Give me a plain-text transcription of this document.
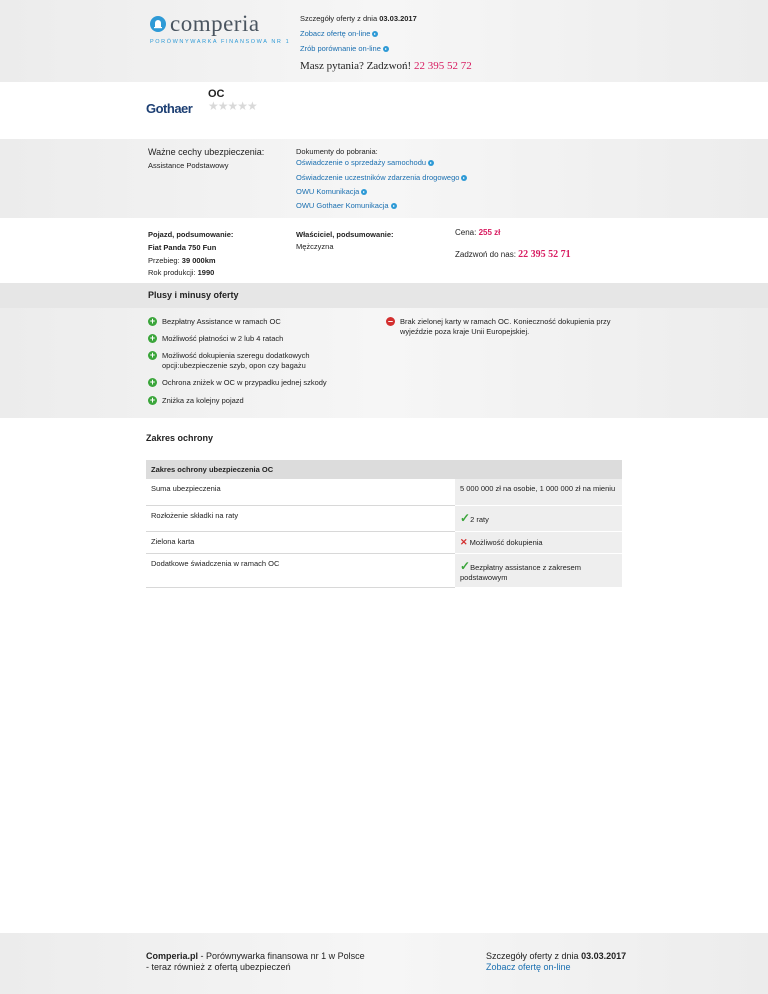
comperia
PORÓWNYWARKA FINANSOWA NR 1
Szczegóły oferty z dnia 03.03.2017
Zobacz ofertę on-line
Zrób porównanie on-line
Masz pytania? Zadzwoń! 22 395 52 72
Gothaer
OC
★★★★★
Ważne cechy ubezpieczenia:
Assistance Podstawowy
Dokumenty do pobrania:
Oświadczenie o sprzedaży samochodu
Oświadczenie uczestników zdarzenia drogowego
OWU Komunikacja
OWU Gothaer Komunikacja
Pojazd, podsumowanie:
Fiat Panda 750 Fun
Przebieg: 39 000km
Rok produkcji: 1990
Właściciel, podsumowanie:
Mężczyzna
Cena: 255 zł
Zadzwoń do nas: 22 395 52 71
Plusy i minusy oferty
+ Bezpłatny Assistance w ramach OC
+ Możliwość płatności w 2 lub 4 ratach
+ Możliwość dokupienia szeregu dodatkowych opcji:ubezpieczenie szyb, opon czy bagażu
+ Ochrona zniżek w OC w przypadku jednej szkody
+ Zniżka za kolejny pojazd
– Brak zielonej karty w ramach OC. Konieczność dokupienia przy wyjeździe poza kraje Unii Europejskiej.
Zakres ochrony
Zakres ochrony ubezpieczenia OC	
Suma ubezpieczenia	5 000 000 zł na osobie, 1 000 000 zł na mieniu
Rozłożenie składki na raty	✓2 raty
Zielona karta	✕ Możliwość dokupienia
Dodatkowe świadczenia w ramach OC	✓Bezpłatny assistance z zakresem podstawowym
Comperia.pl - Porównywarka finansowa nr 1 w Polsce
- teraz również z ofertą ubezpieczeń
Szczegóły oferty z dnia 03.03.2017
Zobacz ofertę on-line
